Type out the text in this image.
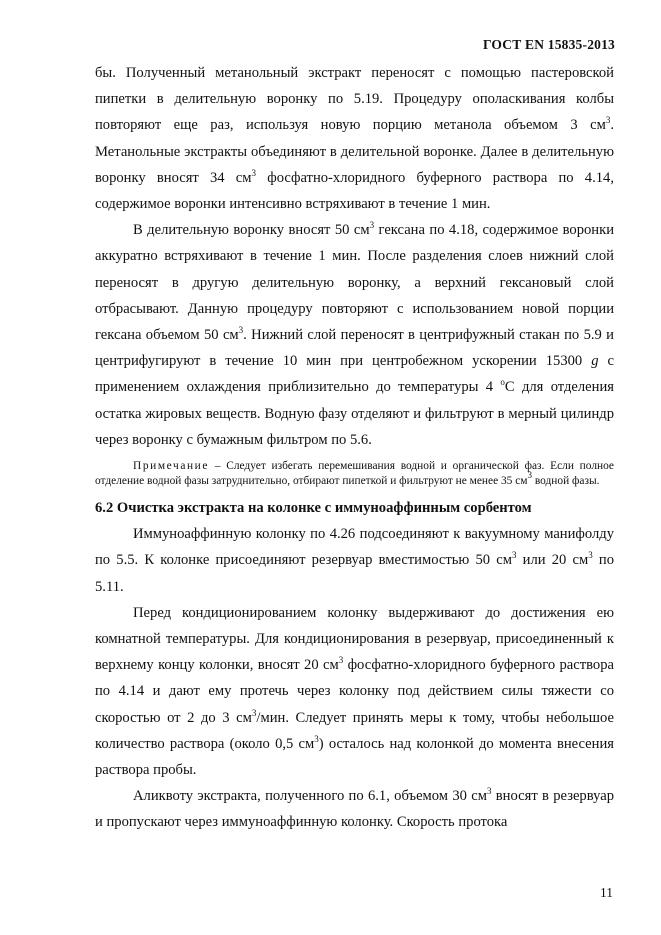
ГОСТ EN 15835-2013

бы. Полученный метанольный экстракт переносят с помощью пастеровской пипетки в делительную воронку по 5.19. Процедуру ополаскивания колбы повторяют еще раз, используя новую порцию метанола объемом 3 $см^3$. Метанольные экстракты объединяют в делительной воронке. Далее в делительную воронку вносят 34 $см^3$ фосфатно-хлоридного буферного раствора по 4.14, содержимое воронки интенсивно встряхивают в течение 1 мин.

В делительную воронку вносят 50 $см^3$ гексана по 4.18, содержимое воронки аккуратно встряхивают в течение 1 мин. После разделения слоев нижний слой переносят в другую делительную воронку, а верхний гексановый слой отбрасывают. Данную процедуру повторяют с использованием новой порции гексана объемом 50 $см^3$. Нижний слой переносят в центрифужный стакан по 5.9 и центрифугируют в течение 10 мин при центробежном ускорении 15300 g с применением охлаждения приблизительно до температуры 4 $^o$C для отделения остатка жировых веществ. Водную фазу отделяют и фильтруют в мерный цилиндр через воронку с бумажным фильтром по 5.6.

Примечание – Следует избегать перемешивания водной и органической фаз. Если полное отделение водной фазы затруднительно, отбирают пипеткой и фильтруют не менее 35 $см^3$ водной фазы.

6.2 Очистка экстракта на колонке с иммуноаффинным сорбентом

Иммуноаффинную колонку по 4.26 подсоединяют к вакуумному манифолду по 5.5. К колонке присоединяют резервуар вместимостью 50 $см^3$ или 20 $см^3$ по 5.11.

Перед кондиционированием колонку выдерживают до достижения ею комнатной температуры. Для кондиционирования в резервуар, присоединенный к верхнему концу колонки, вносят 20 $см^3$ фосфатно-хлоридного буферного раствора по 4.14 и дают ему протечь через колонку под действием силы тяжести со скоростью от 2 до 3 $см^3$/мин. Следует принять меры к тому, чтобы небольшое количество раствора (около 0,5 $см^3$) осталось над колонкой до момента внесения раствора пробы.

Аликвоту экстракта, полученного по 6.1, объемом 30 $см^3$ вносят в резервуар и пропускают через иммуноаффинную колонку. Скорость протока

11
